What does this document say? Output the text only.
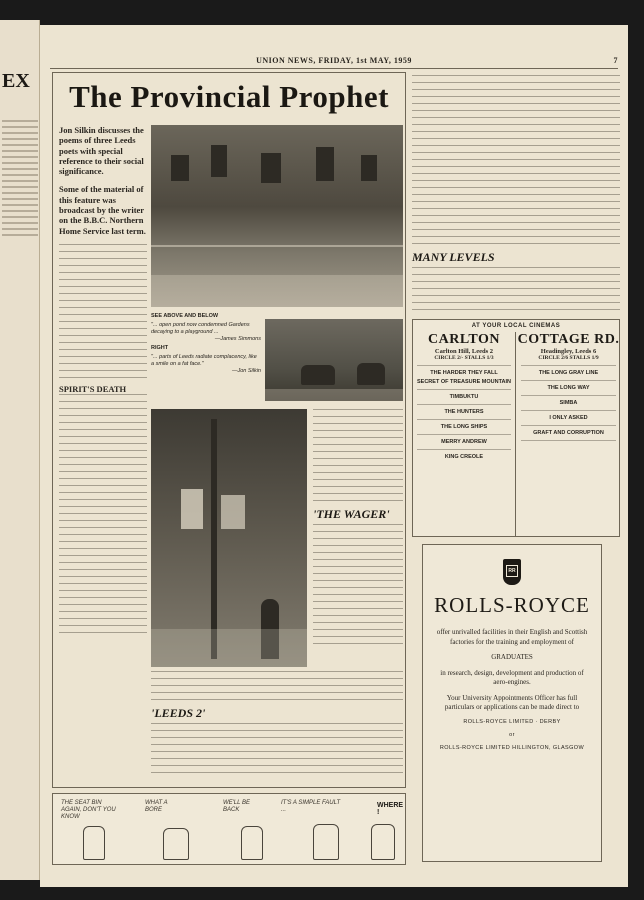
EX
UNION NEWS, FRIDAY, 1st MAY, 1959	7
The Provincial Prophet

Jon Silkin discusses the poems of three Leeds poets with special reference to their social significance.

Some of the material of this feature was broadcast by the writer on the B.B.C. Northern Home Service last term.

SPIRIT'S DEATH
SEE ABOVE AND BELOW
"... open pond now condemned Gardens decaying to a playground ...
—James Simmons
RIGHT
"... parts of Leeds radiate complacency, like a smile on a fat face."
—Jon Silkin
'THE WAGER'
'LEEDS 2'
MANY LEVELS
THE SEAT BIN AGAIN, DON'T YOU KNOW
WHAT A BORE
WE'LL BE BACK
IT'S A SIMPLE FAULT ...
WHERE !
AT YOUR LOCAL CINEMAS
CARLTON
Carlton Hill, Leeds 2
CIRCLE 2/- STALLS 1/3
THE HARDER THEY FALL
SECRET OF TREASURE MOUNTAIN
TIMBUKTU
THE HUNTERS
THE LONG SHIPS
MERRY ANDREW
KING CREOLE
COTTAGE RD.
Headingley, Leeds 6
CIRCLE 2/6 STALLS 1/9
THE LONG GRAY LINE
THE LONG WAY
SIMBA
I ONLY ASKED
GRAFT AND CORRUPTION
RR
ROLLS-ROYCE

offer unrivalled facilities in their English and Scottish factories for the training and employment of

GRADUATES

in research, design, development and production of aero-engines.

Your University Appointments Officer has full particulars or applications can be made direct to

ROLLS-ROYCE LIMITED · DERBY
or
ROLLS-ROYCE LIMITED HILLINGTON, GLASGOW
